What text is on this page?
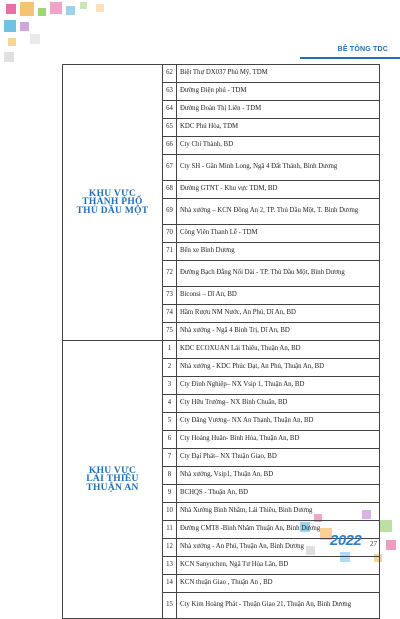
BÊ TÔNG TDC
KHU VỰC
THÀNH PHỐ
THỦ DẦU MỘT	62	Biệt Thự DX037 Phú Mỹ, TDM
	63	Đường Điện phú - TDM
	64	Đường Đoàn Thị Liên - TDM
	65	KDC Phú Hòa, TDM
	66	Cty Chí Thành, BD
	67	Cty SH - Gần Minh Long, Ngã 4 Đất Thánh, Bình Dương
	68	Đường GTNT - Khu vực TDM, BD
	69	Nhà xưởng – KCN Đồng An 2, TP. Thủ Dầu Một, T. Bình Dương
	70	Công Viên Thanh Lễ - TDM
	71	Bến xe Bình Dương
	72	Đường Bạch Đằng Nối Dài - TP. Thủ Dầu Một, Bình Dương
	73	Biconsi – Dĩ An, BD
	74	Hầm Rượu NM Nước, An Phú, Dĩ An, BD
	75	Nhà xưởng - Ngã 4 Bình Trị, Dĩ An, BD

KHU VỰC
LÁI THIÊU
THUẬN AN	1	KDC ECOXUAN Lái Thiêu, Thuận An, BD
	2	Nhà xưởng - KDC Phúc Đạt, An Phú, Thuận An, BD
	3	Cty Đình Nghiệp– NX Vsip 1, Thuận An, BD
	4	Cty Hữu Trường– NX Bình Chuẩn, BD
	5	Cty Đăng Vương– NX An Thạnh, Thuận An, BD
	6	Cty Hoàng Huân- Bình Hòa, Thuận An, BD
	7	Cty Đại Phát– NX Thuận Giao, BD
	8	Nhà xưởng, Vsip1, Thuận An, BD
	9	BCHQS - Thuận An, BD
	10	Nhà Xưởng Bình Nhâm, Lái Thiêu, Bình Dương
	11	Đường CMT8 -Bình Nhâm Thuận An, Bình Dương
	12	Nhà xưởng - An Phú, Thuận An, Bình Dương
	13	KCN Sanyuchen, Ngã Tư Hòa Lân, BD
	14	KCN thuận Giao , Thuận An , BD
	15	Cty Kim Hoàng Phát - Thuận Giao 21, Thuận An, Bình Dương
2022 27
